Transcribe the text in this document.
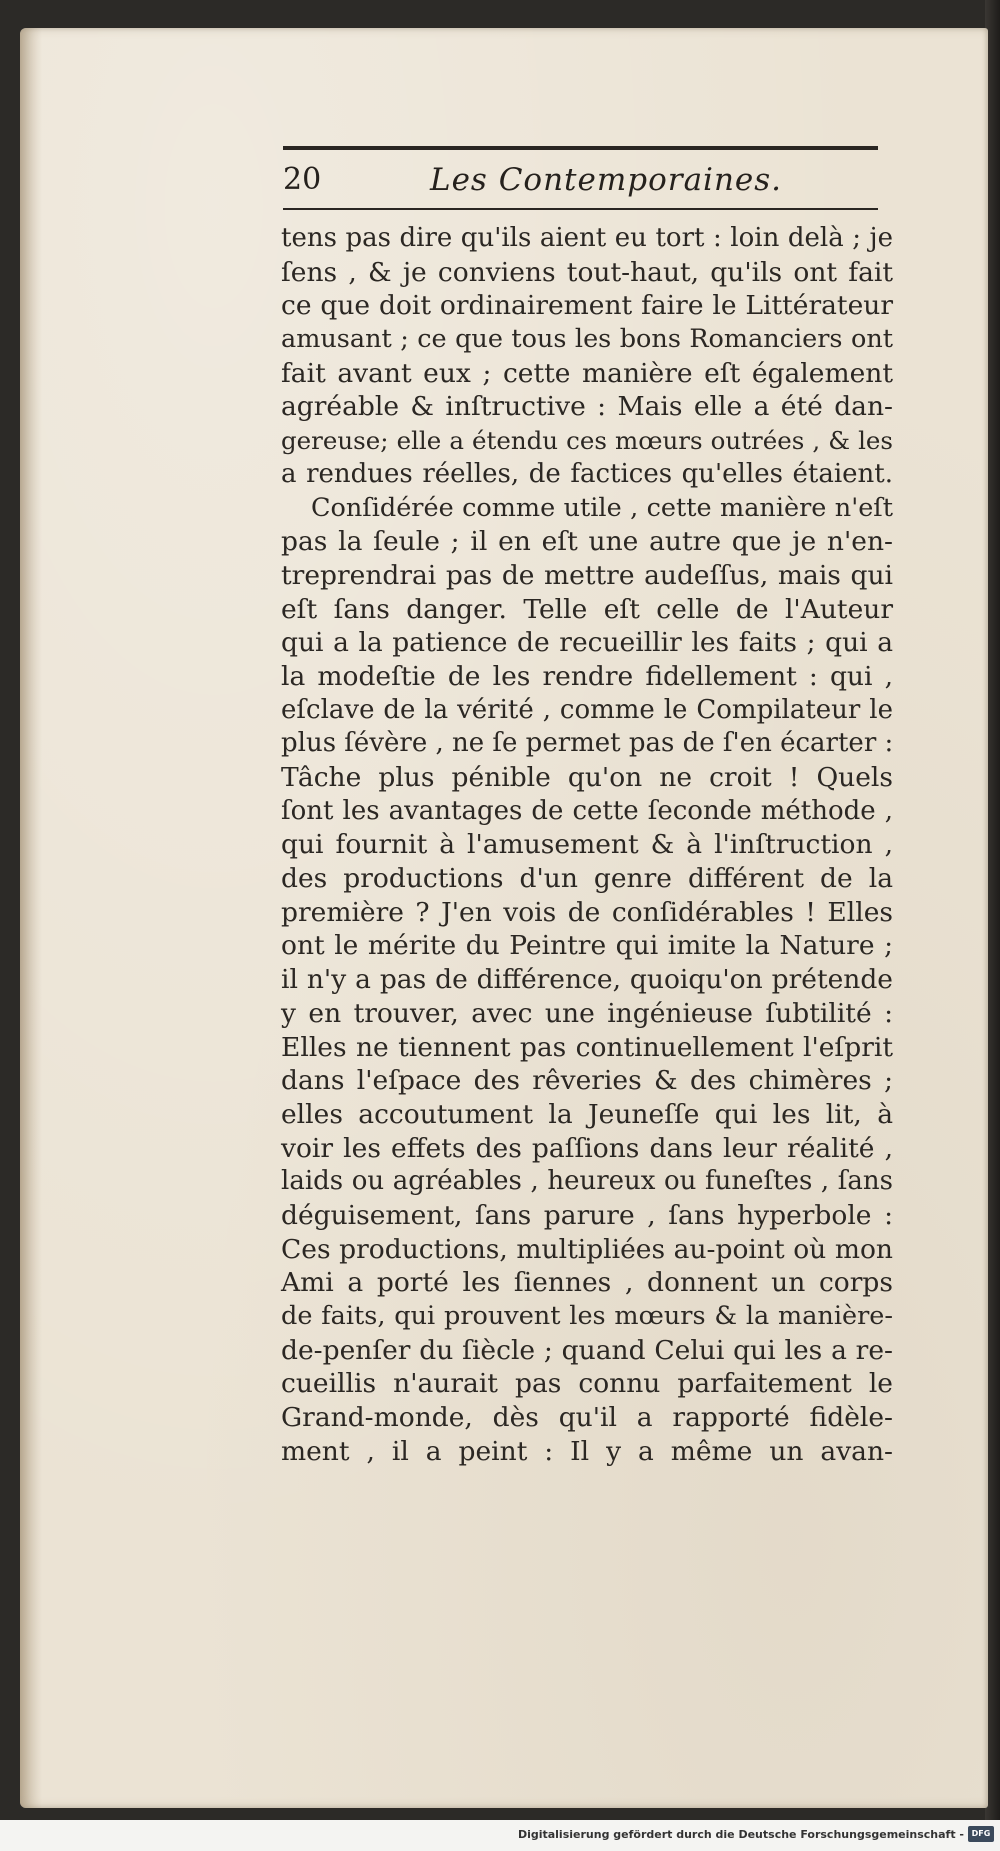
20	Les Contemporaines.
tens pas dire qu'ils aient eu tort : loin delà ; je
ſens , & je conviens tout-haut, qu'ils ont fait
ce que doit ordinairement faire le Littérateur
amusant ; ce que tous les bons Romanciers ont
fait avant eux ; cette manière eſt également
agréable & inſtructive : Mais elle a été dan-
gereuse; elle a étendu ces mœurs outrées , & les
a rendues réelles, de factices qu'elles étaient.
Conſidérée comme utile , cette manière n'eſt
pas la ſeule ; il en eſt une autre que je n'en-
treprendrai pas de mettre audeſſus, mais qui
eſt ſans danger. Telle eſt celle de l'Auteur
qui a la patience de recueillir les faits ; qui a
la modeſtie de les rendre fidellement : qui ,
eſclave de la vérité , comme le Compilateur le
plus ſévère , ne ſe permet pas de ſ'en écarter :
Tâche plus pénible qu'on ne croit ! Quels
ſont les avantages de cette ſeconde méthode ,
qui fournit à l'amusement & à l'inſtruction ,
des productions d'un genre différent de la
première ? J'en vois de conſidérables ! Elles
ont le mérite du Peintre qui imite la Nature ;
il n'y a pas de différence, quoiqu'on prétende
y en trouver, avec une ingénieuse ſubtilité :
Elles ne tiennent pas continuellement l'eſprit
dans l'eſpace des rêveries & des chimères ;
elles accoutument la Jeuneſſe qui les lit, à
voir les effets des paſſions dans leur réalité ,
laids ou agréables , heureux ou funeſtes , ſans
déguisement, ſans parure , ſans hyperbole :
Ces productions, multipliées au-point où mon
Ami a porté les ſiennes , donnent un corps
de faits, qui prouvent les mœurs & la manière-
de-penſer du ſiècle ; quand Celui qui les a re-
cueillis n'aurait pas connu parfaitement le
Grand-monde, dès qu'il a rapporté fidèle-
ment , il a peint : Il y a même un avan-
Digitalisierung gefördert durch die Deutsche Forschungsgemeinschaft - DFG
